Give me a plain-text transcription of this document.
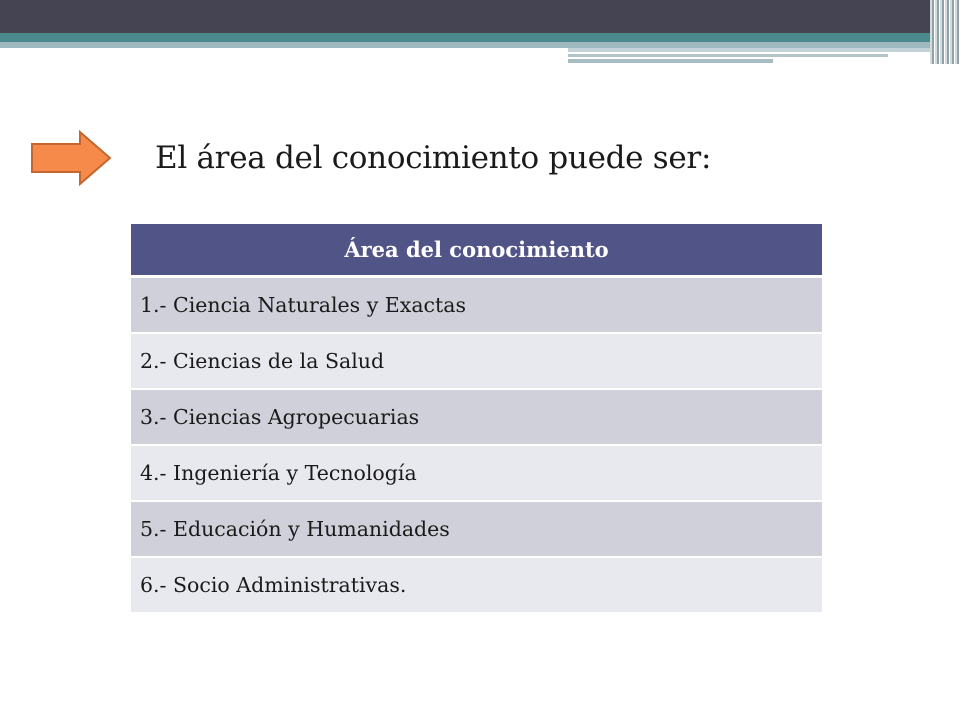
El área del conocimiento puede ser:
Área del conocimiento
1.- Ciencia Naturales y Exactas
2.- Ciencias de la Salud
3.- Ciencias Agropecuarias
4.- Ingeniería y Tecnología
5.- Educación y Humanidades
6.- Socio Administrativas.
